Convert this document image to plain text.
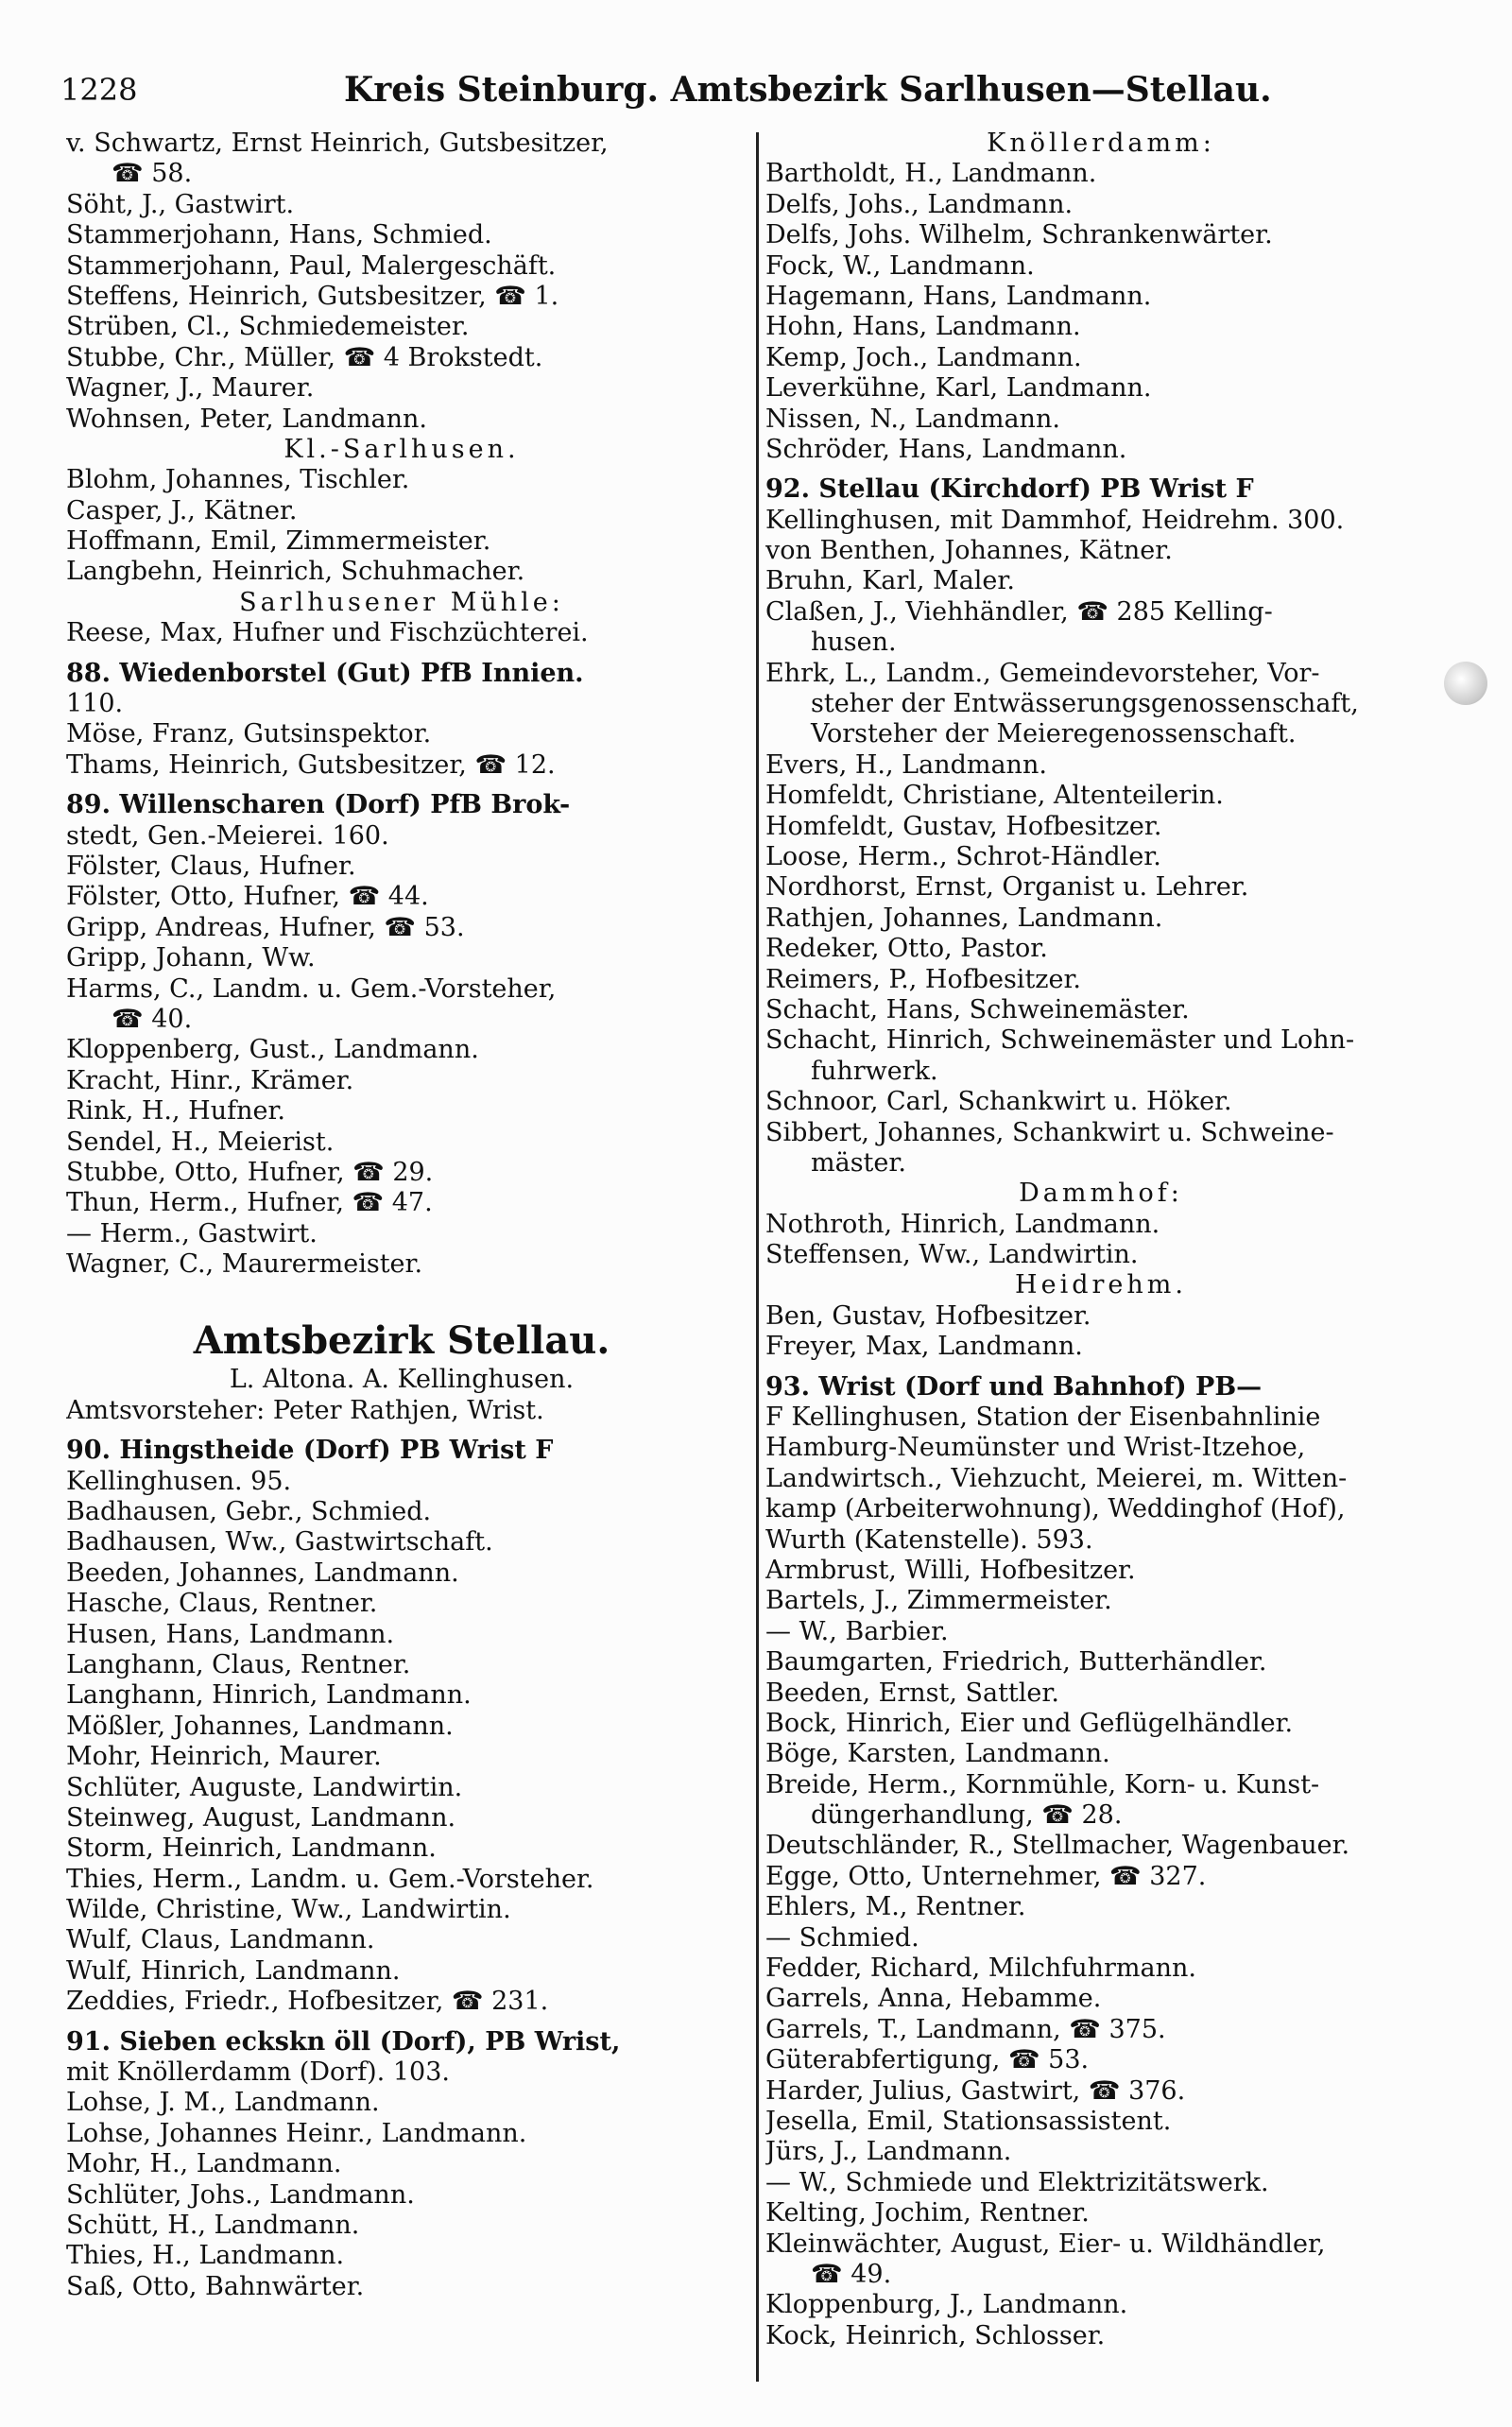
1228	Kreis Steinburg. Amtsbezirk Sarlhusen—Stellau.
v. Schwartz, Ernst Heinrich, Gutsbesitzer,
☎ 58.
Söht, J., Gastwirt.
Stammerjohann, Hans, Schmied.
Stammerjohann, Paul, Malergeschäft.
Steffens, Heinrich, Gutsbesitzer, ☎ 1.
Strüben, Cl., Schmiedemeister.
Stubbe, Chr., Müller, ☎ 4 Brokstedt.
Wagner, J., Maurer.
Wohnsen, Peter, Landmann.
Kl.-Sarlhusen.
Blohm, Johannes, Tischler.
Casper, J., Kätner.
Hoffmann, Emil, Zimmermeister.
Langbehn, Heinrich, Schuhmacher.
Sarlhusener Mühle:
Reese, Max, Hufner und Fischzüchterei.
88. Wiedenborstel (Gut) PfB Innien.
110.
Möse, Franz, Gutsinspektor.
Thams, Heinrich, Gutsbesitzer, ☎ 12.
89. Willenscharen (Dorf) PfB Brok-
stedt, Gen.-Meierei. 160.
Fölster, Claus, Hufner.
Fölster, Otto, Hufner, ☎ 44.
Gripp, Andreas, Hufner, ☎ 53.
Gripp, Johann, Ww.
Harms, C., Landm. u. Gem.-Vorsteher,
☎ 40.
Kloppenberg, Gust., Landmann.
Kracht, Hinr., Krämer.
Rink, H., Hufner.
Sendel, H., Meierist.
Stubbe, Otto, Hufner, ☎ 29.
Thun, Herm., Hufner, ☎ 47.
— Herm., Gastwirt.
Wagner, C., Maurermeister.
Amtsbezirk Stellau.
L. Altona. A. Kellinghusen.
Amtsvorsteher: Peter Rathjen, Wrist.
90. Hingstheide (Dorf) PB Wrist F
Kellinghusen. 95.
Badhausen, Gebr., Schmied.
Badhausen, Ww., Gastwirtschaft.
Beeden, Johannes, Landmann.
Hasche, Claus, Rentner.
Husen, Hans, Landmann.
Langhann, Claus, Rentner.
Langhann, Hinrich, Landmann.
Mößler, Johannes, Landmann.
Mohr, Heinrich, Maurer.
Schlüter, Auguste, Landwirtin.
Steinweg, August, Landmann.
Storm, Heinrich, Landmann.
Thies, Herm., Landm. u. Gem.-Vorsteher.
Wilde, Christine, Ww., Landwirtin.
Wulf, Claus, Landmann.
Wulf, Hinrich, Landmann.
Zeddies, Friedr., Hofbesitzer, ☎ 231.
91. Sieben eckskn öll (Dorf), PB Wrist,
mit Knöllerdamm (Dorf). 103.
Lohse, J. M., Landmann.
Lohse, Johannes Heinr., Landmann.
Mohr, H., Landmann.
Schlüter, Johs., Landmann.
Schütt, H., Landmann.
Thies, H., Landmann.
Saß, Otto, Bahnwärter.
Knöllerdamm:
Bartholdt, H., Landmann.
Delfs, Johs., Landmann.
Delfs, Johs. Wilhelm, Schrankenwärter.
Fock, W., Landmann.
Hagemann, Hans, Landmann.
Hohn, Hans, Landmann.
Kemp, Joch., Landmann.
Leverkühne, Karl, Landmann.
Nissen, N., Landmann.
Schröder, Hans, Landmann.
92. Stellau (Kirchdorf) PB Wrist F
Kellinghusen, mit Dammhof, Heidrehm. 300.
von Benthen, Johannes, Kätner.
Bruhn, Karl, Maler.
Claßen, J., Viehhändler, ☎ 285 Kelling-
husen.
Ehrk, L., Landm., Gemeindevorsteher, Vor-
steher der Entwässerungsgenossenschaft,
Vorsteher der Meieregenossenschaft.
Evers, H., Landmann.
Homfeldt, Christiane, Altenteilerin.
Homfeldt, Gustav, Hofbesitzer.
Loose, Herm., Schrot-Händler.
Nordhorst, Ernst, Organist u. Lehrer.
Rathjen, Johannes, Landmann.
Redeker, Otto, Pastor.
Reimers, P., Hofbesitzer.
Schacht, Hans, Schweinemäster.
Schacht, Hinrich, Schweinemäster und Lohn-
fuhrwerk.
Schnoor, Carl, Schankwirt u. Höker.
Sibbert, Johannes, Schankwirt u. Schweine-
mäster.
Dammhof:
Nothroth, Hinrich, Landmann.
Steffensen, Ww., Landwirtin.
Heidrehm.
Ben, Gustav, Hofbesitzer.
Freyer, Max, Landmann.
93. Wrist (Dorf und Bahnhof) PB—
F Kellinghusen, Station der Eisenbahnlinie
Hamburg-Neumünster und Wrist-Itzehoe,
Landwirtsch., Viehzucht, Meierei, m. Witten-
kamp (Arbeiterwohnung), Weddinghof (Hof),
Wurth (Katenstelle). 593.
Armbrust, Willi, Hofbesitzer.
Bartels, J., Zimmermeister.
— W., Barbier.
Baumgarten, Friedrich, Butterhändler.
Beeden, Ernst, Sattler.
Bock, Hinrich, Eier und Geflügelhändler.
Böge, Karsten, Landmann.
Breide, Herm., Kornmühle, Korn- u. Kunst-
düngerhandlung, ☎ 28.
Deutschländer, R., Stellmacher, Wagenbauer.
Egge, Otto, Unternehmer, ☎ 327.
Ehlers, M., Rentner.
— Schmied.
Fedder, Richard, Milchfuhrmann.
Garrels, Anna, Hebamme.
Garrels, T., Landmann, ☎ 375.
Güterabfertigung, ☎ 53.
Harder, Julius, Gastwirt, ☎ 376.
Jesella, Emil, Stationsassistent.
Jürs, J., Landmann.
— W., Schmiede und Elektrizitätswerk.
Kelting, Jochim, Rentner.
Kleinwächter, August, Eier- u. Wildhändler,
☎ 49.
Kloppenburg, J., Landmann.
Kock, Heinrich, Schlosser.
